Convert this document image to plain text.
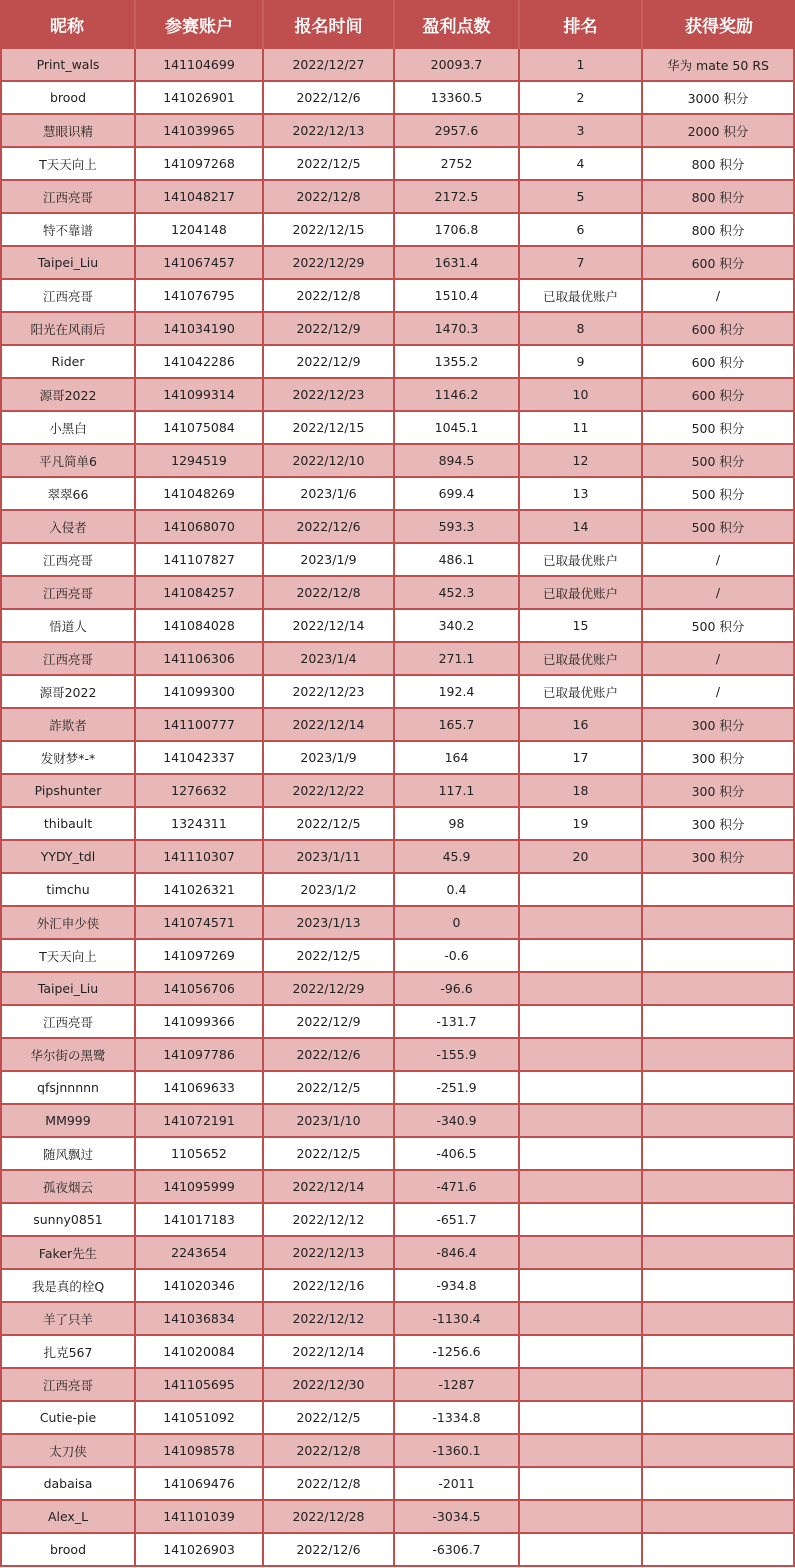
昵称	参赛账户	报名时间	盈利点数	排名	获得奖励
Print_wals	141104699	2022/12/27	20093.7	1	华为 mate 50 RS
brood	141026901	2022/12/6	13360.5	2	3000 积分
慧眼识精	141039965	2022/12/13	2957.6	3	2000 积分
T天天向上	141097268	2022/12/5	2752	4	800 积分
江西亮哥	141048217	2022/12/8	2172.5	5	800 积分
特不靠谱	1204148	2022/12/15	1706.8	6	800 积分
Taipei_Liu	141067457	2022/12/29	1631.4	7	600 积分
江西亮哥	141076795	2022/12/8	1510.4	已取最优账户	/
阳光在风雨后	141034190	2022/12/9	1470.3	8	600 积分
Rider	141042286	2022/12/9	1355.2	9	600 积分
源哥2022	141099314	2022/12/23	1146.2	10	600 积分
小黑白	141075084	2022/12/15	1045.1	11	500 积分
平凡简单6	1294519	2022/12/10	894.5	12	500 积分
翠翠66	141048269	2023/1/6	699.4	13	500 积分
入侵者	141068070	2022/12/6	593.3	14	500 积分
江西亮哥	141107827	2023/1/9	486.1	已取最优账户	/
江西亮哥	141084257	2022/12/8	452.3	已取最优账户	/
悟道人	141084028	2022/12/14	340.2	15	500 积分
江西亮哥	141106306	2023/1/4	271.1	已取最优账户	/
源哥2022	141099300	2022/12/23	192.4	已取最优账户	/
詐欺者	141100777	2022/12/14	165.7	16	300 积分
发财梦*-*	141042337	2023/1/9	164	17	300 积分
Pipshunter	1276632	2022/12/22	117.1	18	300 积分
thibault	1324311	2022/12/5	98	19	300 积分
YYDY_tdl	141110307	2023/1/11	45.9	20	300 积分
timchu	141026321	2023/1/2	0.4
外汇申少侠	141074571	2023/1/13	0
T天天向上	141097269	2022/12/5	-0.6
Taipei_Liu	141056706	2022/12/29	-96.6
江西亮哥	141099366	2022/12/9	-131.7
华尔街の黑鹭	141097786	2022/12/6	-155.9
qfsjnnnnn	141069633	2022/12/5	-251.9
MM999	141072191	2023/1/10	-340.9
随风飘过	1105652	2022/12/5	-406.5
孤夜烟云	141095999	2022/12/14	-471.6
sunny0851	141017183	2022/12/12	-651.7
Faker先生	2243654	2022/12/13	-846.4
我是真的栓Q	141020346	2022/12/16	-934.8
羊了只羊	141036834	2022/12/12	-1130.4
扎克567	141020084	2022/12/14	-1256.6
江西亮哥	141105695	2022/12/30	-1287
Cutie-pie	141051092	2022/12/5	-1334.8
太刀侠	141098578	2022/12/8	-1360.1
dabaisa	141069476	2022/12/8	-2011
Alex_L	141101039	2022/12/28	-3034.5
brood	141026903	2022/12/6	-6306.7
